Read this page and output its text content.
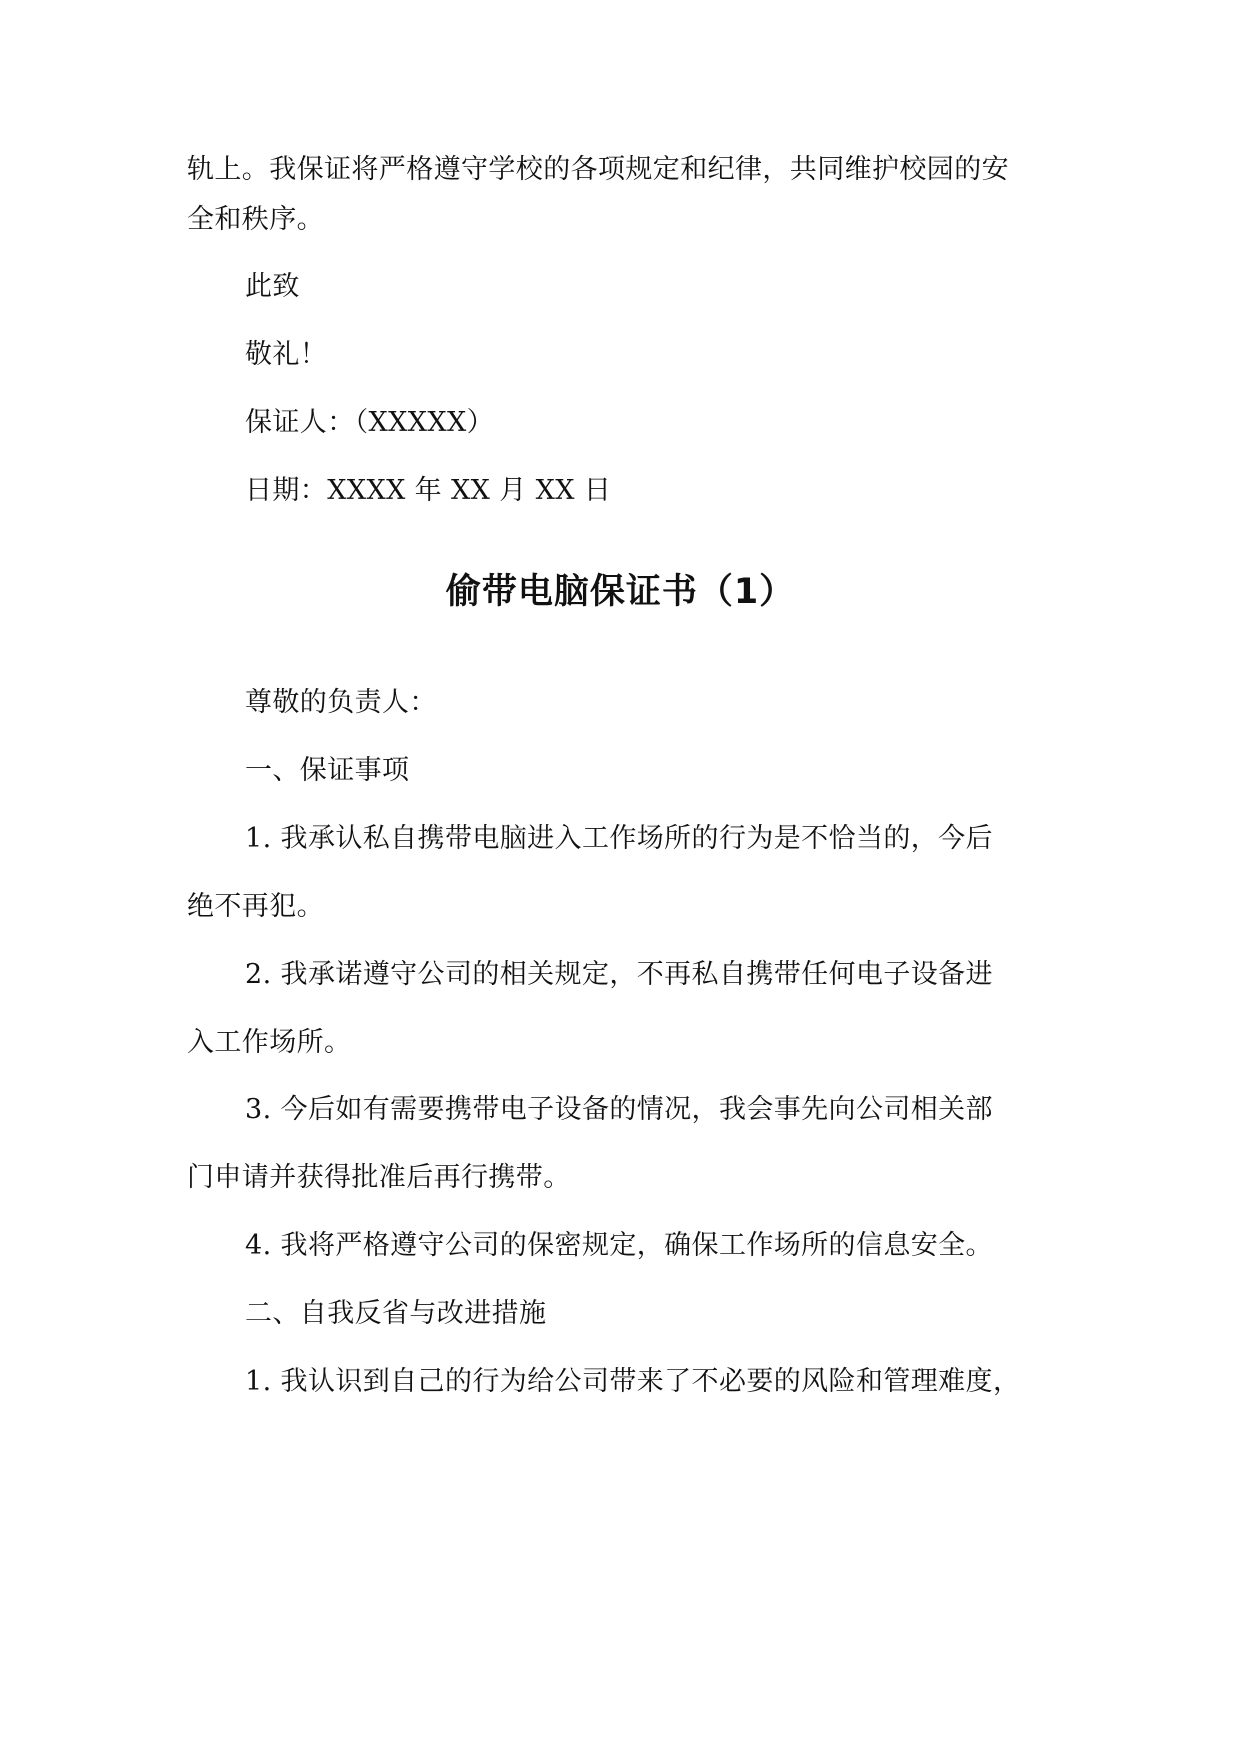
轨上。我保证将严格遵守学校的各项规定和纪律，共同维护校园的安
全和秩序。
此致
敬礼！
保证人：（XXXXX）
日期：XXXX 年 XX 月 XX 日
偷带电脑保证书（1）
尊敬的负责人：
一、保证事项
1. 我承认私自携带电脑进入工作场所的行为是不恰当的，今后
绝不再犯。
2. 我承诺遵守公司的相关规定，不再私自携带任何电子设备进
入工作场所。
3. 今后如有需要携带电子设备的情况，我会事先向公司相关部
门申请并获得批准后再行携带。
4. 我将严格遵守公司的保密规定，确保工作场所的信息安全。
二、自我反省与改进措施
1. 我认识到自己的行为给公司带来了不必要的风险和管理难度，
